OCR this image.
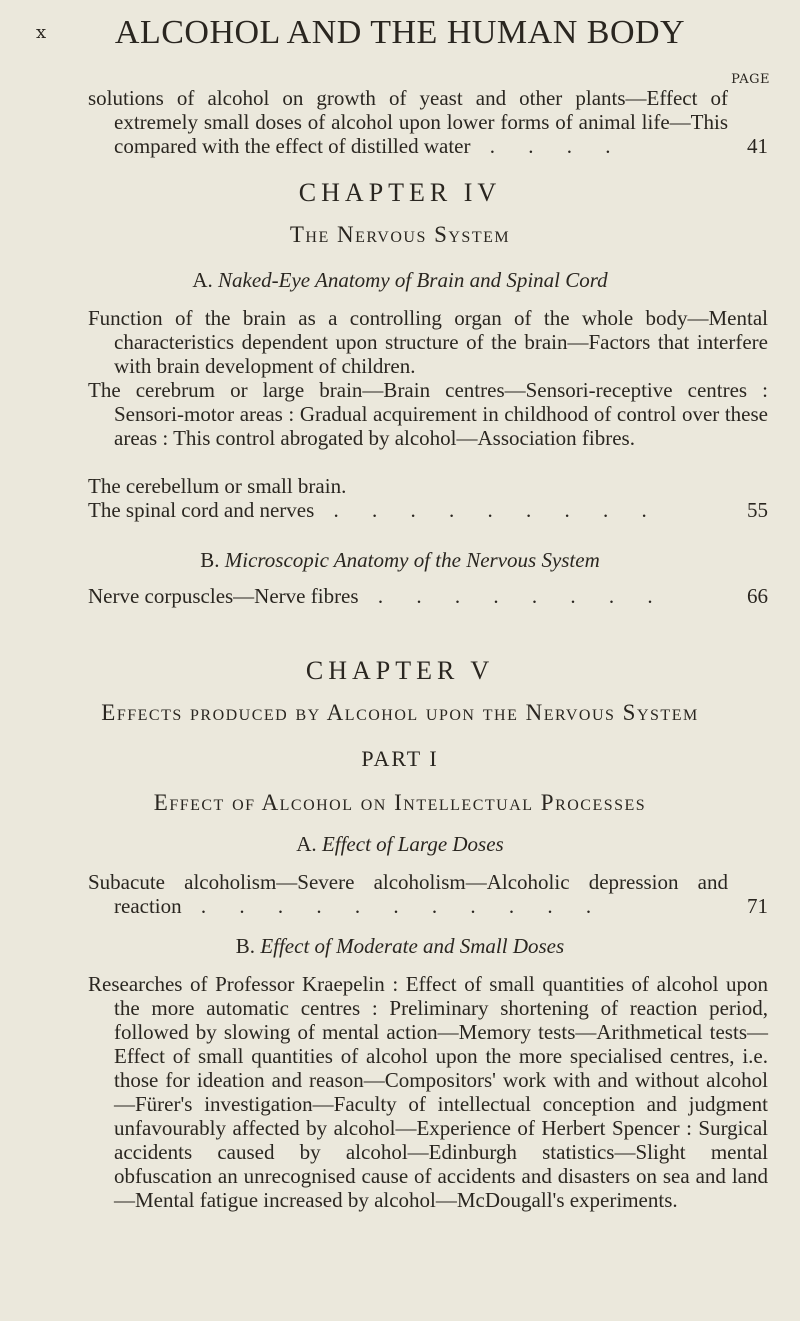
x	ALCOHOL AND THE HUMAN BODY
PAGE

solutions of alcohol on growth of yeast and other plants—Effect of extremely small doses of alcohol upon lower forms of animal life—This compared with the effect of distilled water . . . .	41

CHAPTER IV
The Nervous System
A. Naked-Eye Anatomy of Brain and Spinal Cord

Function of the brain as a controlling organ of the whole body—Mental characteristics dependent upon structure of the brain—Factors that interfere with brain development of children.

The cerebrum or large brain—Brain centres—Sensori-receptive centres : Sensori-motor areas : Gradual acquirement in childhood of control over these areas : This control abrogated by alcohol—Association fibres.

The cerebellum or small brain.

The spinal cord and nerves . . . . . . . . .	55

B. Microscopic Anatomy of the Nervous System

Nerve corpuscles—Nerve fibres . . . . . . . .	66

CHAPTER V
Effects produced by Alcohol upon the Nervous System
PART I
Effect of Alcohol on Intellectual Processes
A. Effect of Large Doses

Subacute alcoholism—Severe alcoholism—Alcoholic depression and reaction . . . . . . . . . . .	71

B. Effect of Moderate and Small Doses

Researches of Professor Kraepelin : Effect of small quantities of alcohol upon the more automatic centres : Preliminary shortening of reaction period, followed by slowing of mental action—Memory tests—Arithmetical tests—Effect of small quantities of alcohol upon the more specialised centres, i.e. those for ideation and reason—Compositors' work with and without alcohol—Fürer's investigation—Faculty of intellectual conception and judgment unfavourably affected by alcohol—Experience of Herbert Spencer : Surgical accidents caused by alcohol—Edinburgh statistics—Slight mental obfuscation an unrecognised cause of accidents and disasters on sea and land—Mental fatigue increased by alcohol—McDougall's experiments.
